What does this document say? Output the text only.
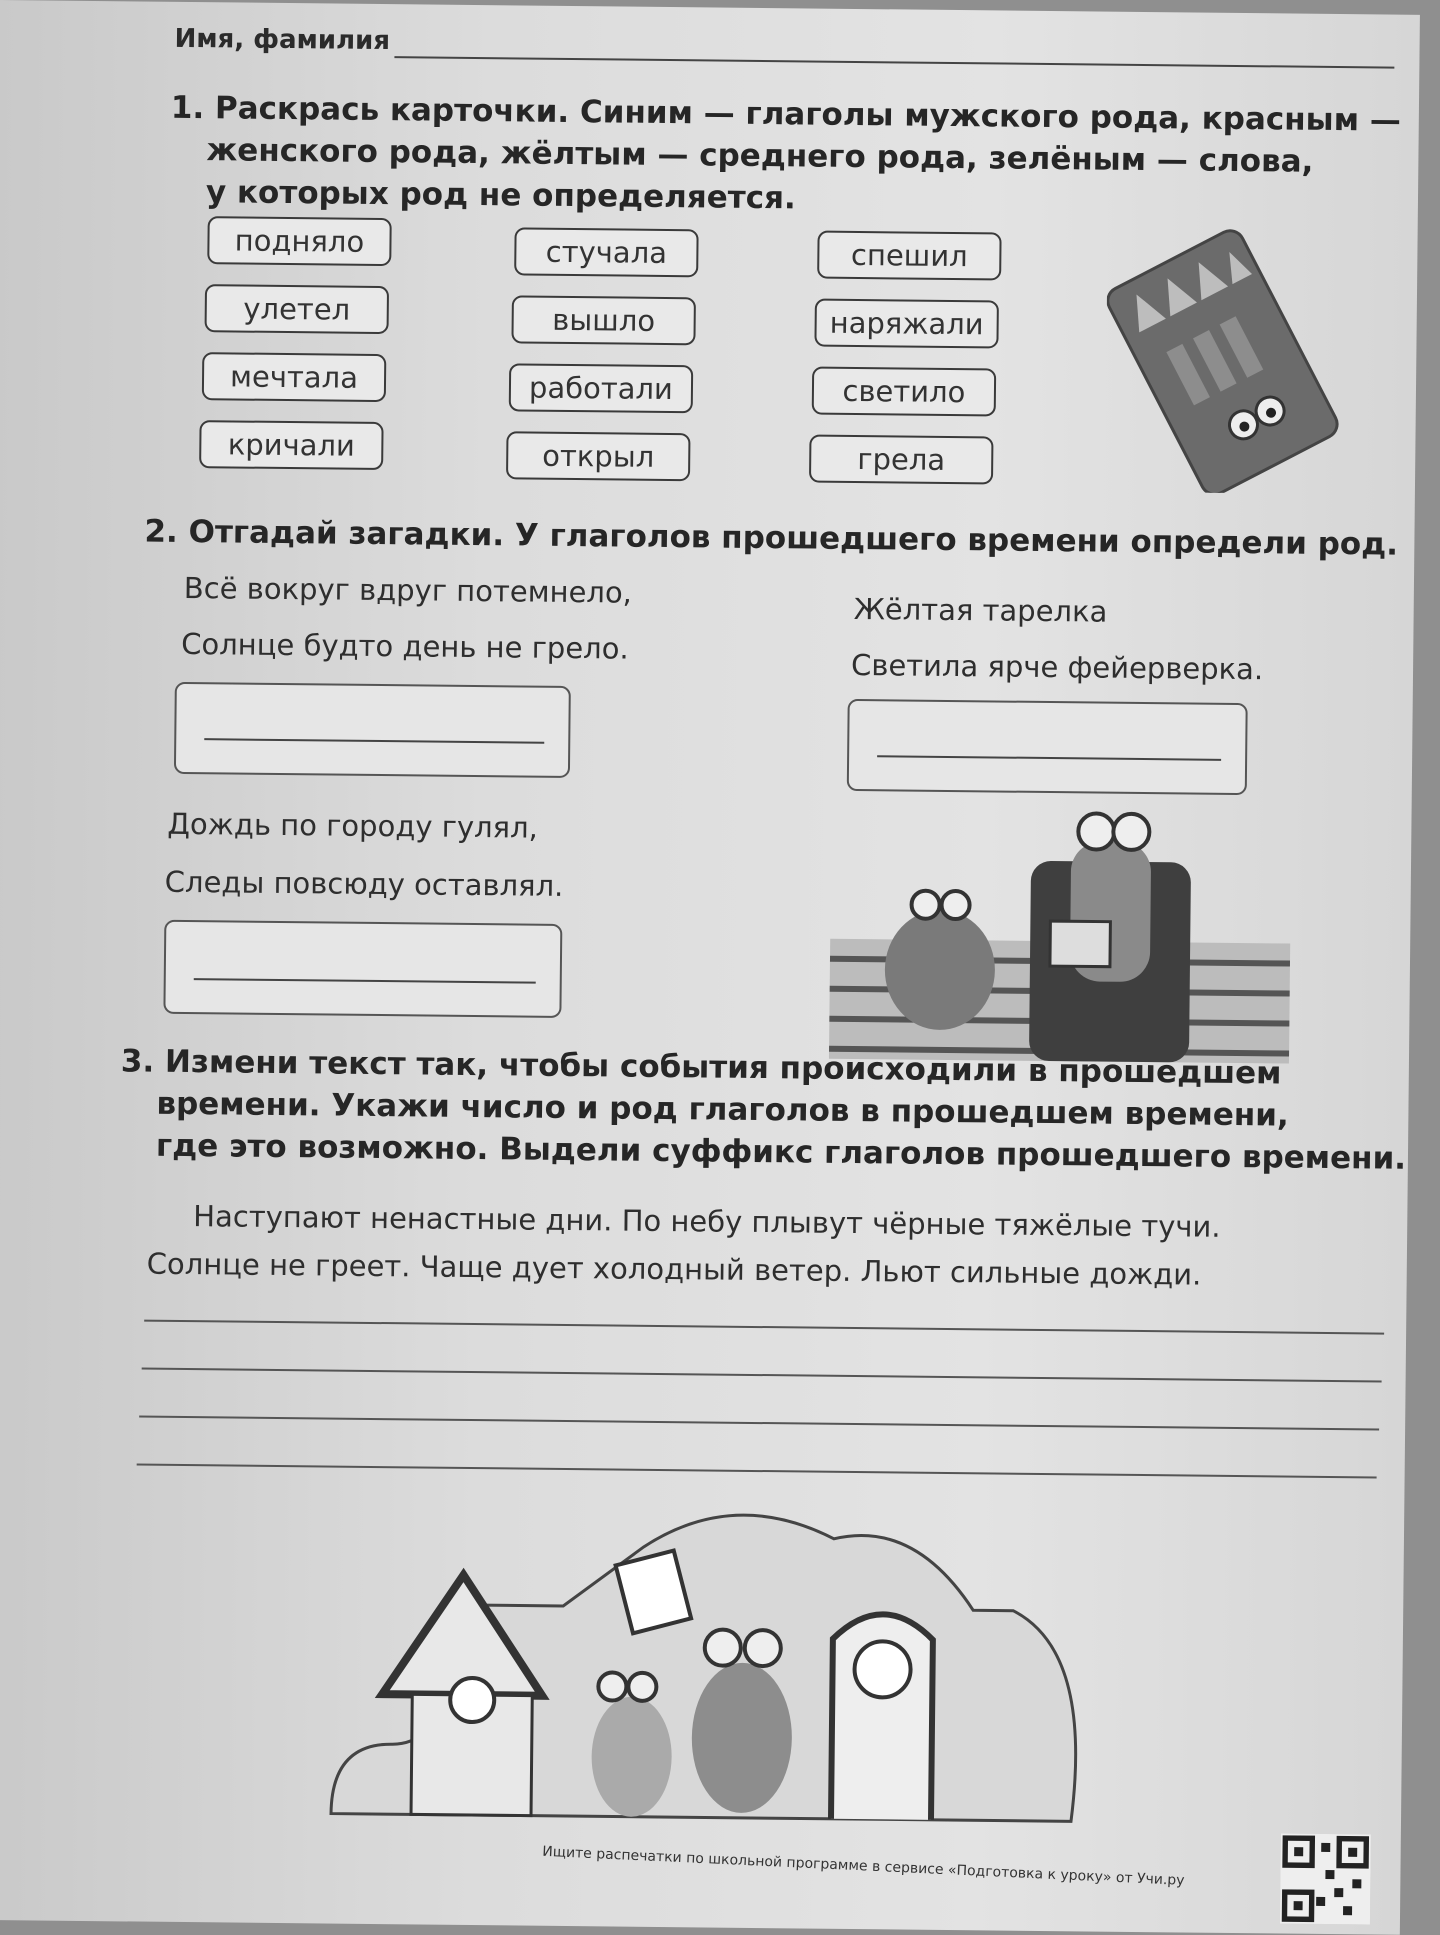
Имя, фамилия
1. Раскрась карточки. Синим — глаголы мужского рода, красным —
женского рода, жёлтым — среднего рода, зелёным — слова,
у которых род не определяется.
подняло	стучала	спешил
улетел	вышло	наряжали
мечтала	работали	светило
кричали	открыл	грела
2. Отгадай загадки. У глаголов прошедшего времени определи род.
Всё вокруг вдруг потемнело,
Солнце будто день не грело.
Жёлтая тарелка
Светила ярче фейерверка.
Дождь по городу гулял,
Следы повсюду оставлял.
3. Измени текст так, чтобы события происходили в прошедшем
времени. Укажи число и род глаголов в прошедшем времени,
где это возможно. Выдели суффикс глаголов прошедшего времени.
Наступают ненастные дни. По небу плывут чёрные тяжёлые тучи.
Солнце не греет. Чаще дует холодный ветер. Льют сильные дожди.
Ищите распечатки по школьной программе в сервисе «Подготовка к уроку» от Учи.ру
